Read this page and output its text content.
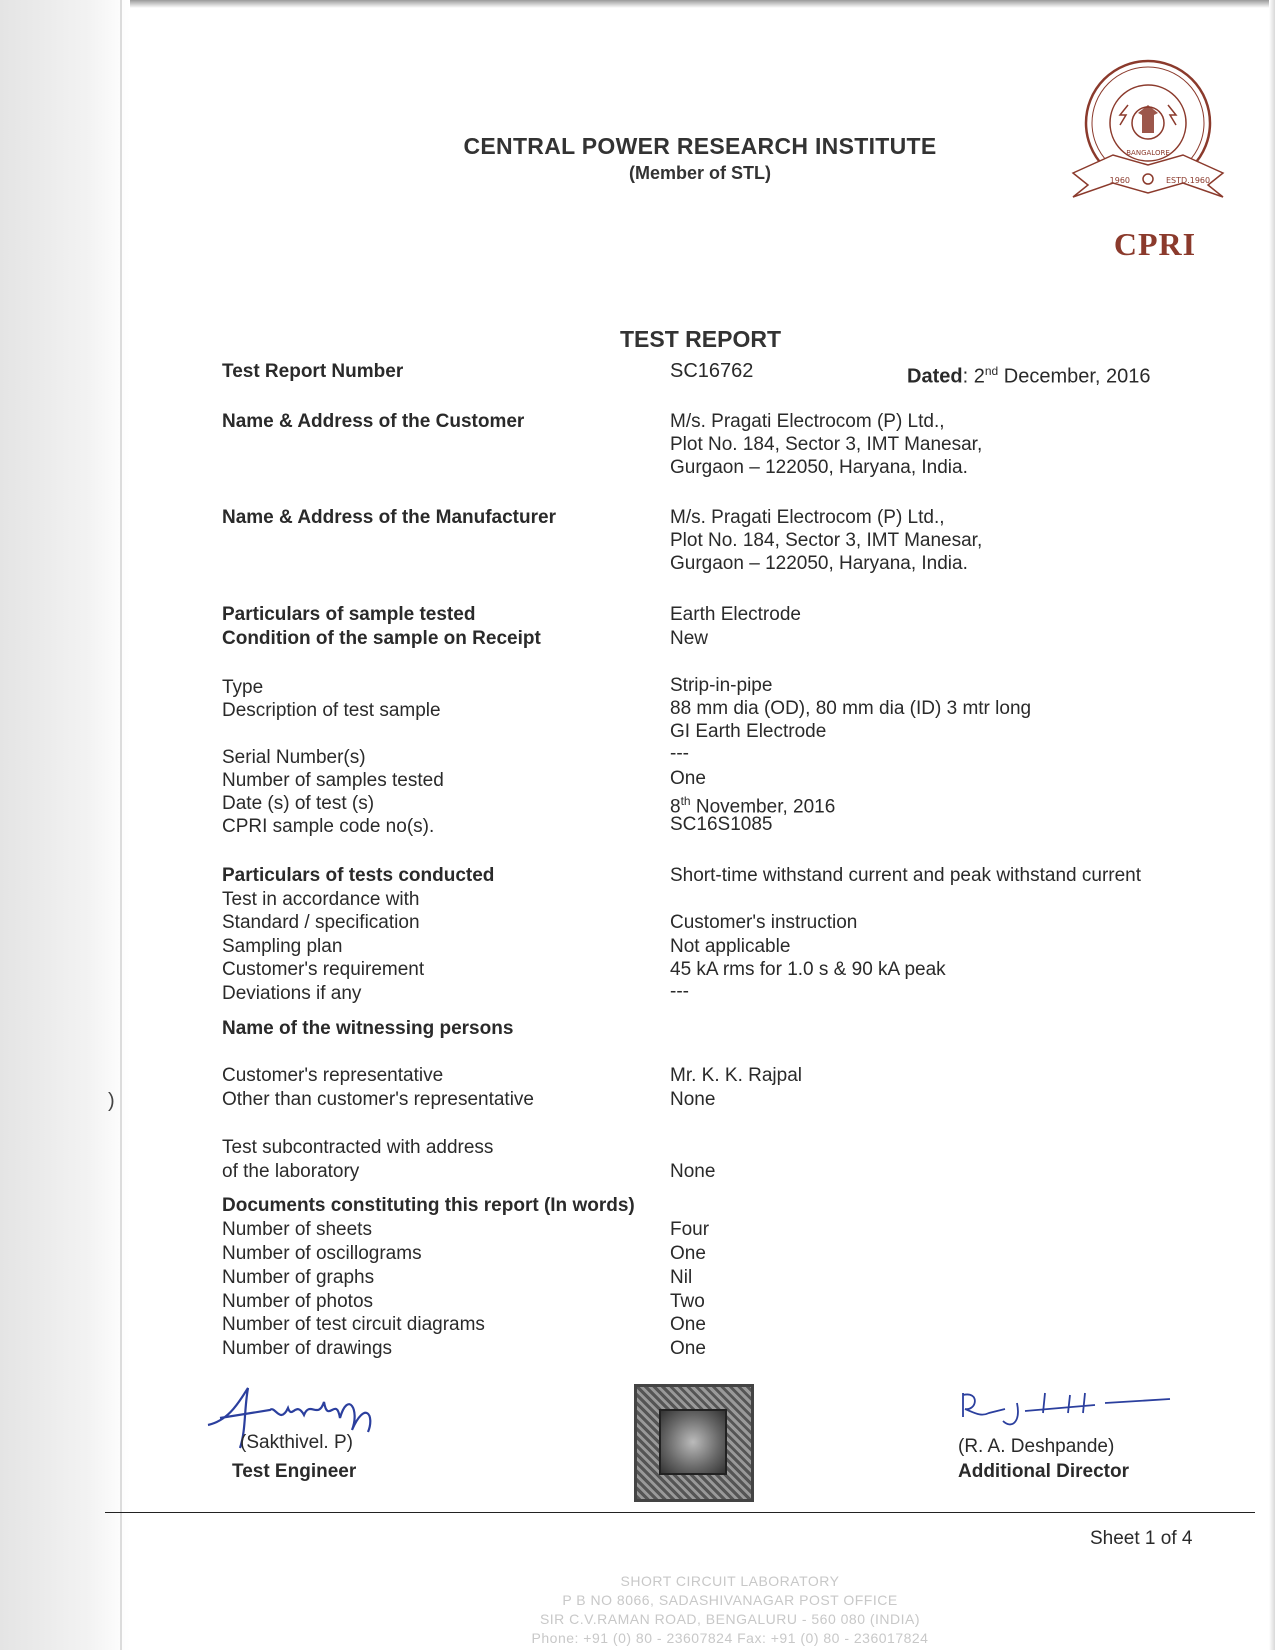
)
CENTRAL POWER RESEARCH INSTITUTE
(Member of STL)	1960	ESTD.1960
BANGALORE
CPRI
TEST REPORT
Test Report Number	SC16762	Dated: 2nd December, 2016
Name & Address of the Customer	M/s. Pragati Electrocom (P) Ltd.,
Plot No. 184, Sector 3, IMT Manesar,
Gurgaon – 122050, Haryana, India.
Name & Address of the Manufacturer	M/s. Pragati Electrocom (P) Ltd.,
Plot No. 184, Sector 3, IMT Manesar,
Gurgaon – 122050, Haryana, India.
Particulars of sample tested	Earth Electrode
Condition of the sample on Receipt	New
Type	Strip-in-pipe
Description of test sample	88 mm dia (OD), 80 mm dia (ID) 3 mtr long
GI Earth Electrode
Serial Number(s)	---
Number of samples tested	One
Date (s) of test (s)	8th November, 2016
CPRI sample code no(s).	SC16S1085
Particulars of tests conducted	Short-time withstand current and peak withstand current
Test in accordance with
Standard / specification	Customer's instruction
Sampling plan	Not applicable
Customer's requirement	45 kA rms for 1.0 s & 90 kA peak
Deviations if any	---
Name of the witnessing persons
Customer's representative	Mr. K. K. Rajpal
Other than customer's representative	None
Test subcontracted with address
of the laboratory	None
Documents constituting this report (In words)
Number of sheets	Four
Number of oscillograms	One
Number of graphs	Nil
Number of photos	Two
Number of test circuit diagrams	One
Number of drawings	One
(Sakthivel. P)
Test Engineer
(R. A. Deshpande)
Additional Director
Sheet 1 of 4
SHORT CIRCUIT LABORATORY
P B NO 8066, SADASHIVANAGAR POST OFFICE
SIR C.V.RAMAN ROAD, BENGALURU - 560 080 (INDIA)
Phone: +91 (0) 80 - 23607824 Fax: +91 (0) 80 - 236017824
